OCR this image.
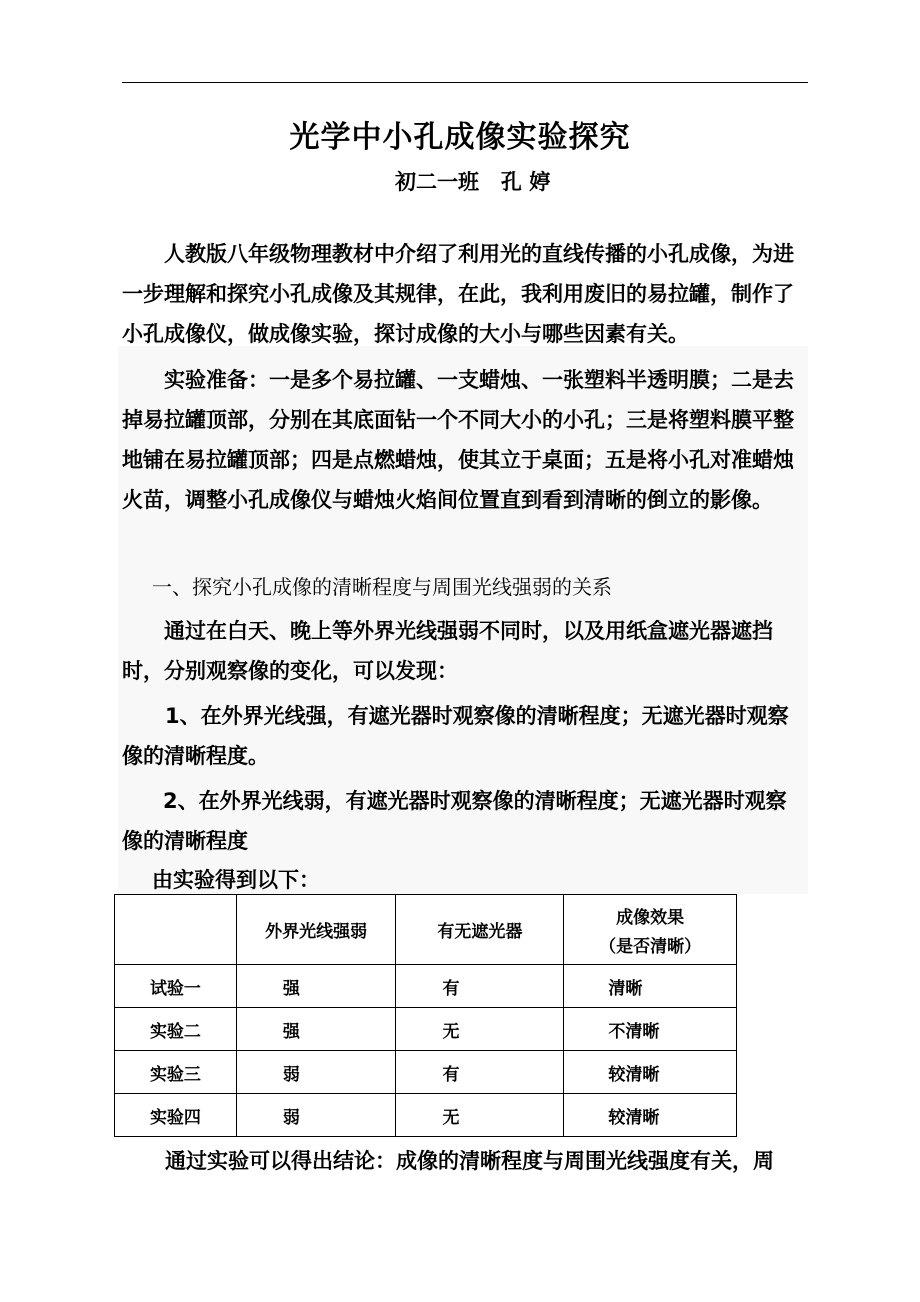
光学中小孔成像实验探究
初二一班   孔 婷

人教版八年级物理教材中介绍了利用光的直线传播的小孔成像，为进一步理解和探究小孔成像及其规律，在此，我利用废旧的易拉罐，制作了小孔成像仪，做成像实验，探讨成像的大小与哪些因素有关。

实验准备：一是多个易拉罐、一支蜡烛、一张塑料半透明膜；二是去掉易拉罐顶部，分别在其底面钻一个不同大小的小孔；三是将塑料膜平整地铺在易拉罐顶部；四是点燃蜡烛，使其立于桌面；五是将小孔对准蜡烛火苗，调整小孔成像仪与蜡烛火焰间位置直到看到清晰的倒立的影像。

一、探究小孔成像的清晰程度与周围光线强弱的关系

通过在白天、晚上等外界光线强弱不同时，以及用纸盒遮光器遮挡时，分别观察像的变化，可以发现：

1、在外界光线强，有遮光器时观察像的清晰程度；无遮光器时观察
像的清晰程度。
2、在外界光线弱，有遮光器时观察像的清晰程度；无遮光器时观察
像的清晰程度
由实验得到以下：
	外界光线强弱	有无遮光器	成像效果
（是否清晰）

试验一	强	有	清晰
实验二	强	无	不清晰
实验三	弱	有	较清晰
实验四	弱	无	较清晰
通过实验可以得出结论：成像的清晰程度与周围光线强度有关，周
